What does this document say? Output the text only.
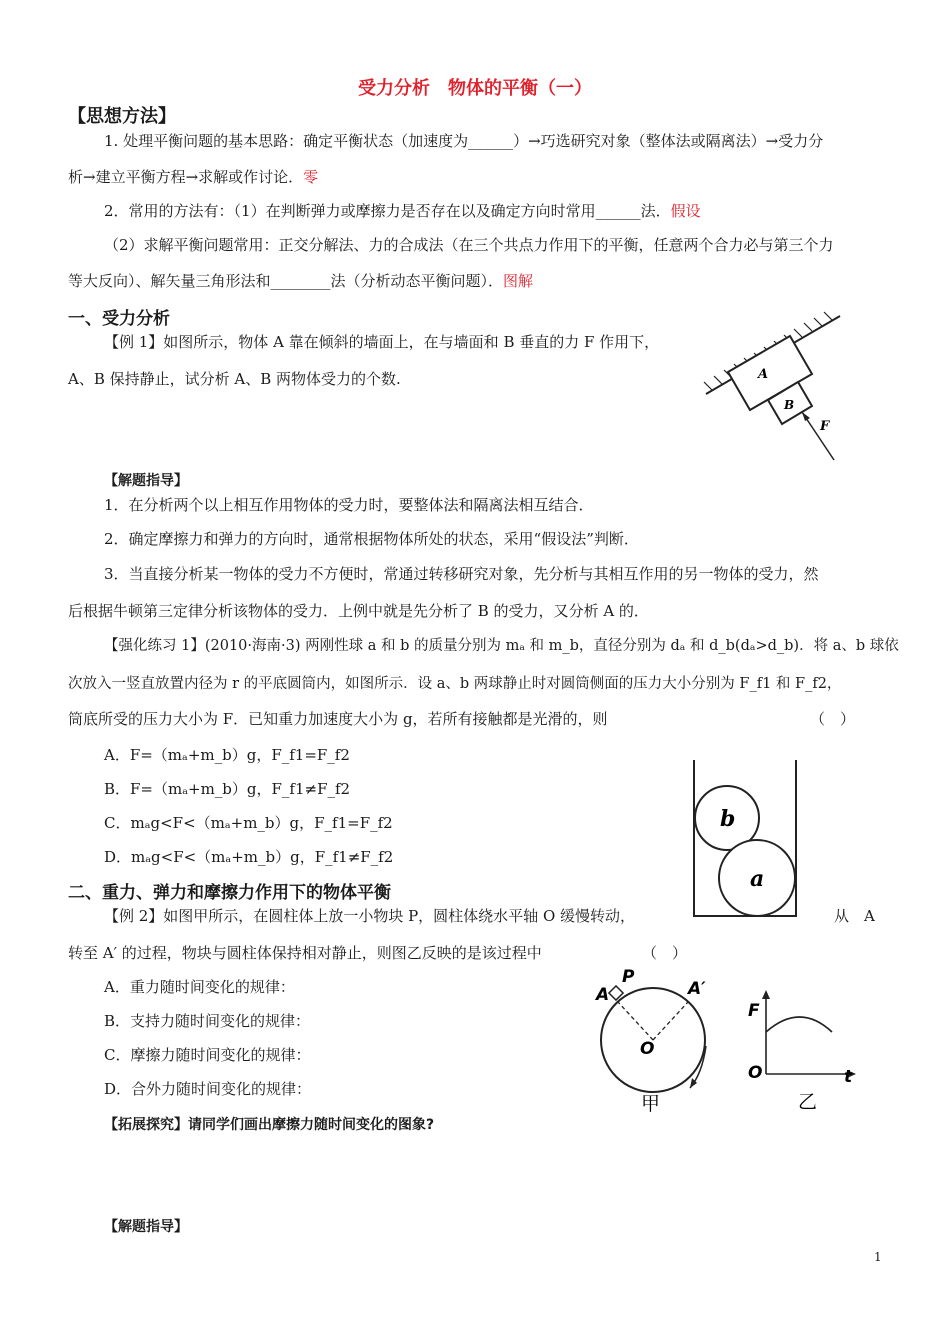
受力分析　物体的平衡（一）
【思想方法】
1. 处理平衡问题的基本思路：确定平衡状态（加速度为______）→巧选研究对象（整体法或隔离法）→受力分
析→建立平衡方程→求解或作讨论．零
2．常用的方法有：（1）在判断弹力或摩擦力是否存在以及确定方向时常用______法．假设
（2）求解平衡问题常用：正交分解法、力的合成法（在三个共点力作用下的平衡，任意两个合力必与第三个力
等大反向）、解矢量三角形法和________法（分析动态平衡问题）．图解
一、受力分析
【例 1】如图所示，物体 A 靠在倾斜的墙面上，在与墙面和 B 垂直的力 F 作用下，
A、B 保持静止，试分析 A、B 两物体受力的个数.	A
B
F
【解题指导】
1．在分析两个以上相互作用物体的受力时，要整体法和隔离法相互结合．
2．确定摩擦力和弹力的方向时，通常根据物体所处的状态，采用“假设法”判断．
3．当直接分析某一物体的受力不方便时，常通过转移研究对象，先分析与其相互作用的另一物体的受力，然
后根据牛顿第三定律分析该物体的受力．上例中就是先分析了 B 的受力，又分析 A 的．
【强化练习 1】(2010·海南·3) 两刚性球 a 和 b 的质量分别为 mₐ 和 m_b，直径分别为 dₐ 和 d_b(dₐ>d_b)．将 a、b 球依
次放入一竖直放置内径为 r 的平底圆筒内，如图所示．设 a、b 两球静止时对圆筒侧面的压力大小分别为 F_f1 和 F_f2，
筒底所受的压力大小为 F．已知重力加速度大小为 g，若所有接触都是光滑的，则	（　）
A．F=（mₐ+m_b）g，F_f1=F_f2
B．F=（mₐ+m_b）g，F_f1≠F_f2
C．mₐg<F<（mₐ+m_b）g，F_f1=F_f2
D．mₐg<F<（mₐ+m_b）g，F_f1≠F_f2
b
a
二、重力、弹力和摩擦力作用下的物体平衡
【例 2】如图甲所示，在圆柱体上放一小物块 P，圆柱体绕水平轴 O 缓慢转动，	从　A
转至 A′ 的过程，物块与圆柱体保持相对静止，则图乙反映的是该过程中	（　）
A．重力随时间变化的规律：
B．支持力随时间变化的规律：
C．摩擦力随时间变化的规律：
D．合外力随时间变化的规律：
P
A	A′
O
甲
F
O	t
乙
【拓展探究】请同学们画出摩擦力随时间变化的图象?
【解题指导】
1
